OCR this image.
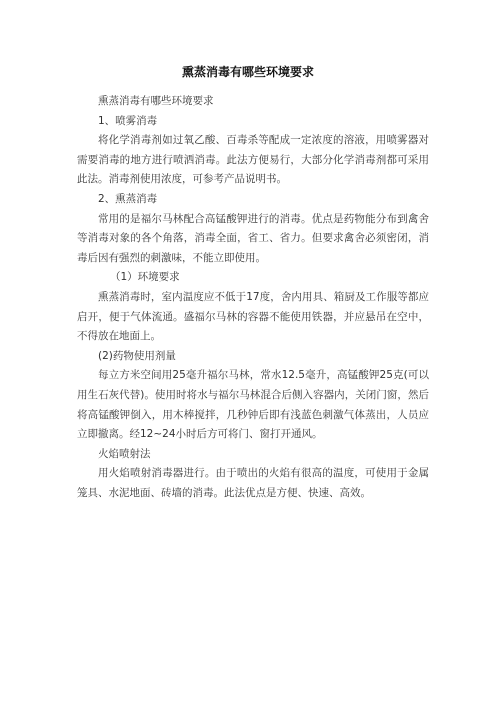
熏蒸消毒有哪些环境要求

熏蒸消毒有哪些环境要求

1、喷雾消毒

将化学消毒剂如过氧乙酸、百毒杀等配成一定浓度的溶液，用喷雾器对需要消毒的地方进行喷洒消毒。此法方便易行，大部分化学消毒剂都可采用此法。消毒剂使用浓度，可参考产品说明书。

2、熏蒸消毒

常用的是福尔马林配合高锰酸钾进行的消毒。优点是药物能分布到禽舍等消毒对象的各个角落，消毒全面，省工、省力。但要求禽舍必须密闭，消毒后因有强烈的刺激味，不能立即使用。

（1）环境要求

熏蒸消毒时，室内温度应不低于17度，舍内用具、箱厨及工作服等都应启开，便于气体流通。盛福尔马林的容器不能使用铁器，并应悬吊在空中，不得放在地面上。

(2)药物使用剂量

每立方米空间用25毫升福尔马林，常水12.5毫升，高锰酸钾25克(可以用生石灰代替)。使用时将水与福尔马林混合后侧入容器内，关闭门窗，然后将高锰酸钾倒入，用木棒搅拌，几秒钟后即有浅蓝色刺激气体蒸出，人员应立即撤离。经12~24小时后方可将门、窗打开通风。

火焰喷射法

用火焰喷射消毒器进行。由于喷出的火焰有很高的温度，可使用于金属笼具、水泥地面、砖墙的消毒。此法优点是方便、快速、高效。
